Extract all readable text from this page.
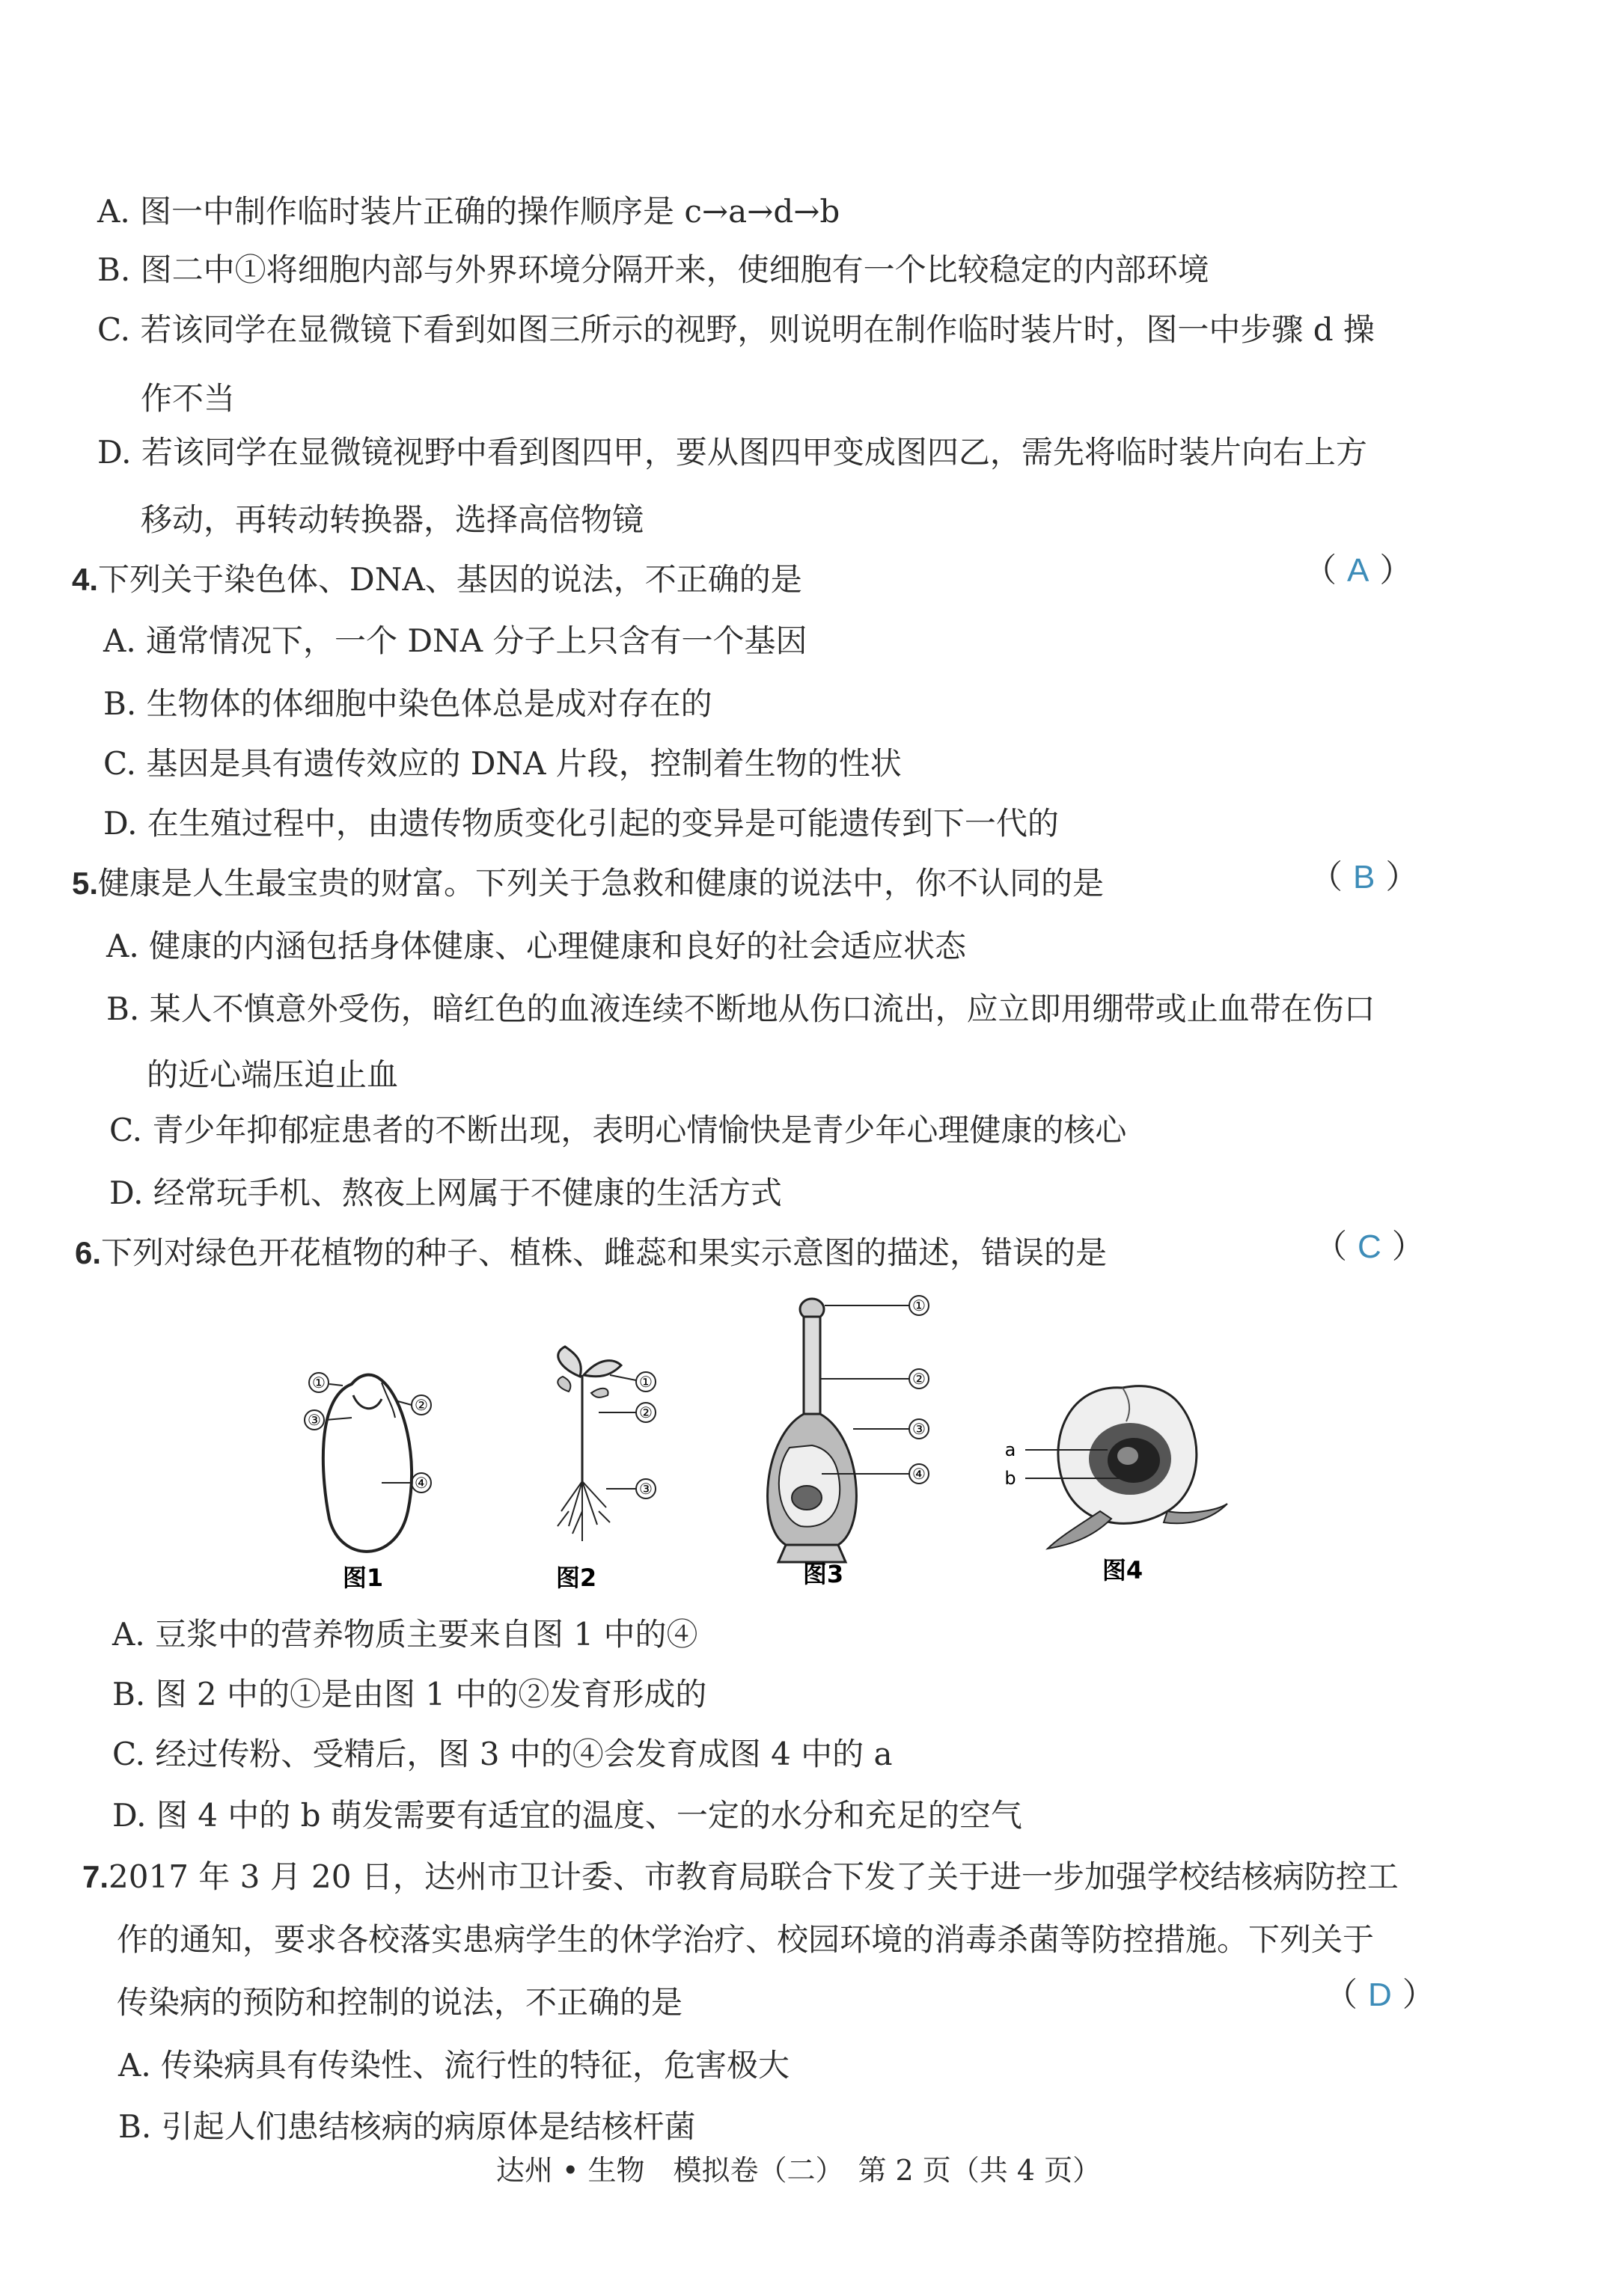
A. 图一中制作临时装片正确的操作顺序是 c→a→d→b
B. 图二中①将细胞内部与外界环境分隔开来，使细胞有一个比较稳定的内部环境
C. 若该同学在显微镜下看到如图三所示的视野，则说明在制作临时装片时，图一中步骤 d 操
作不当
D. 若该同学在显微镜视野中看到图四甲，要从图四甲变成图四乙，需先将临时装片向右上方
移动，再转动转换器，选择高倍物镜
4.下列关于染色体、DNA、基因的说法，不正确的是	（ A ）
A. 通常情况下，一个 DNA 分子上只含有一个基因
B. 生物体的体细胞中染色体总是成对存在的
C. 基因是具有遗传效应的 DNA 片段，控制着生物的性状
D. 在生殖过程中，由遗传物质变化引起的变异是可能遗传到下一代的
5.健康是人生最宝贵的财富。下列关于急救和健康的说法中，你不认同的是	（ B ）
A. 健康的内涵包括身体健康、心理健康和良好的社会适应状态
B. 某人不慎意外受伤，暗红色的血液连续不断地从伤口流出，应立即用绷带或止血带在伤口
的近心端压迫止血
C. 青少年抑郁症患者的不断出现，表明心情愉快是青少年心理健康的核心
D. 经常玩手机、熬夜上网属于不健康的生活方式
6.下列对绿色开花植物的种子、植株、雌蕊和果实示意图的描述，错误的是	（ C ）
①
②
③
④
图1
①
②
③
图2
①
②
③
④
图3
a
b
图4
A. 豆浆中的营养物质主要来自图 1 中的④
B. 图 2 中的①是由图 1 中的②发育形成的
C. 经过传粉、受精后，图 3 中的④会发育成图 4 中的 a
D. 图 4 中的 b 萌发需要有适宜的温度、一定的水分和充足的空气
7.2017 年 3 月 20 日，达州市卫计委、市教育局联合下发了关于进一步加强学校结核病防控工
作的通知，要求各校落实患病学生的休学治疗、校园环境的消毒杀菌等防控措施。下列关于
传染病的预防和控制的说法，不正确的是	（ D ）
A. 传染病具有传染性、流行性的特征，危害极大
B. 引起人们患结核病的病原体是结核杆菌
达州 • 生物　模拟卷（二）　第 2 页（共 4 页）
